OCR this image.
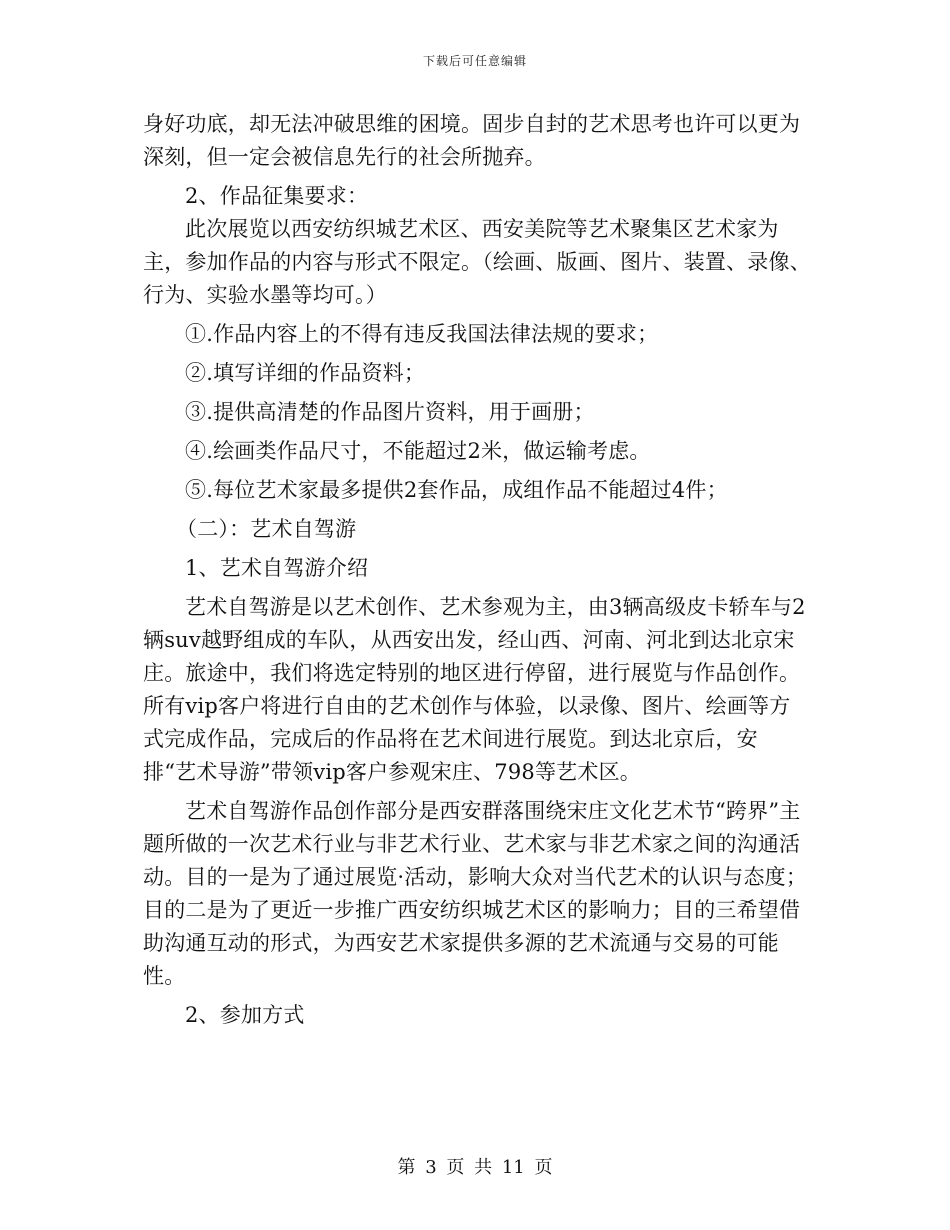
下载后可任意编辑

身好功底，却无法冲破思维的困境。固步自封的艺术思考也许可以更为深刻，但一定会被信息先行的社会所抛弃。

2、作品征集要求：

此次展览以西安纺织城艺术区、西安美院等艺术聚集区艺术家为主，参加作品的内容与形式不限定。（绘画、版画、图片、装置、录像、行为、实验水墨等均可。）

①.作品内容上的不得有违反我国法律法规的要求；

②.填写详细的作品资料；

③.提供高清楚的作品图片资料，用于画册；

④.绘画类作品尺寸，不能超过2米，做运输考虑。

⑤.每位艺术家最多提供2套作品，成组作品不能超过4件；

（二）：艺术自驾游

1、艺术自驾游介绍

艺术自驾游是以艺术创作、艺术参观为主，由3辆高级皮卡轿车与2辆suv越野组成的车队，从西安出发，经山西、河南、河北到达北京宋庄。旅途中，我们将选定特别的地区进行停留，进行展览与作品创作。所有vip客户将进行自由的艺术创作与体验，以录像、图片、绘画等方式完成作品，完成后的作品将在艺术间进行展览。到达北京后，安排“艺术导游”带领vip客户参观宋庄、798等艺术区。

艺术自驾游作品创作部分是西安群落围绕宋庄文化艺术节“跨界”主题所做的一次艺术行业与非艺术行业、艺术家与非艺术家之间的沟通活动。目的一是为了通过展览·活动，影响大众对当代艺术的认识与态度；目的二是为了更近一步推广西安纺织城艺术区的影响力；目的三希望借助沟通互动的形式，为西安艺术家提供多源的艺术流通与交易的可能性。

2、参加方式

第 3 页 共 11 页
